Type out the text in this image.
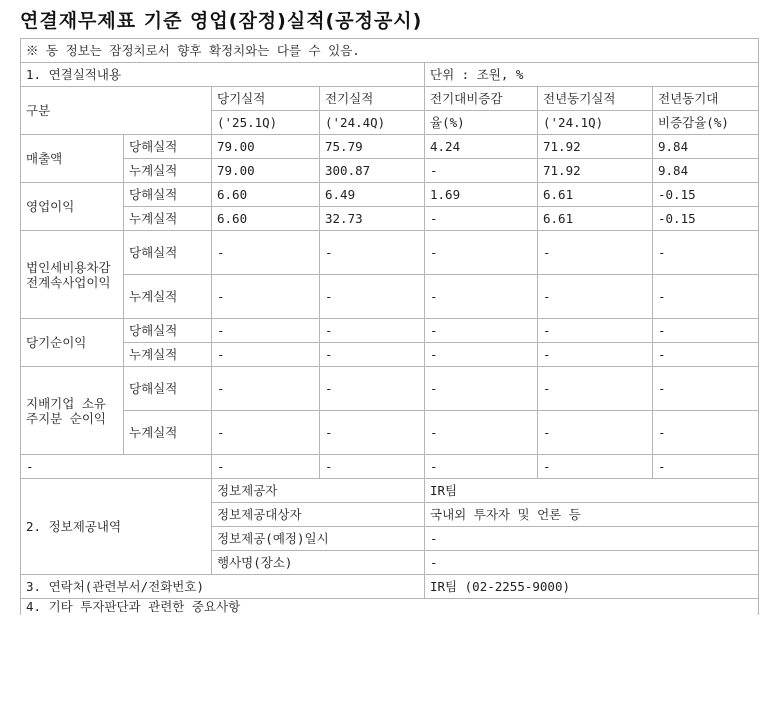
연결재무제표 기준 영업(잠정)실적(공정공시)
※ 동 정보는 잠정치로서 향후 확정치와는 다를 수 있음.						
1. 연결실적내용				단위 : 조원, %		
구분		당기실적	전기실적	전기대비증감	전년동기실적	전년동기대
		('25.1Q)	('24.4Q)	율(%)	('24.1Q)	비증감율(%)
매출액	당해실적	79.00	75.79	4.24	71.92	9.84
	누계실적	79.00	300.87	-	71.92	9.84
영업이익	당해실적	6.60	6.49	1.69	6.61	-0.15
	누계실적	6.60	32.73	-	6.61	-0.15
법인세비용차감전계속사업이익	당해실적	-	-	-	-	-
	누계실적	-	-	-	-	-
당기순이익	당해실적	-	-	-	-	-
	누계실적	-	-	-	-	-
지배기업 소유주지분 순이익	당해실적	-	-	-	-	-
	누계실적	-	-	-	-	-
-		-	-	-	-	-
2. 정보제공내역		정보제공자		IR팀		
		정보제공대상자		국내외 투자자 및 언론 등		
		정보제공(예정)일시		-		
		행사명(장소)		-		
3. 연락처(관련부서/전화번호)				IR팀 (02-2255-9000)		
4. 기타 투자판단과 관련한 중요사항						
